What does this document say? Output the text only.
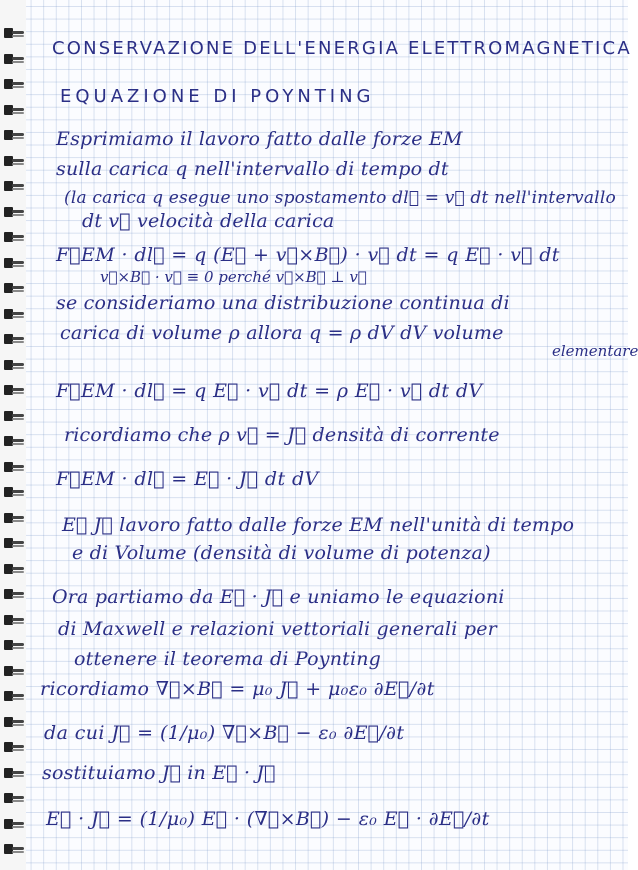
CONSERVAZIONE DELL'ENERGIA ELETTROMAGNETICA
EQUAZIONE DI POYNTING
Esprimiamo il lavoro fatto dalle forze EM
sulla carica q nell'intervallo di tempo dt
(la carica q esegue uno spostamento dl⃗ = v⃗ dt nell'intervallo
dt v⃗ velocità della carica
F⃗EM · dl⃗ = q (E⃗ + v⃗×B⃗) · v⃗ dt = q E⃗ · v⃗ dt
v⃗×B⃗ · v⃗ ≡ 0 perché v⃗×B⃗ ⊥ v⃗
se consideriamo una distribuzione continua di
carica di volume ρ allora q = ρ dV dV volume
elementare
F⃗EM · dl⃗ = q E⃗ · v⃗ dt = ρ E⃗ · v⃗ dt dV
ricordiamo che ρ v⃗ = J⃗ densità di corrente
F⃗EM · dl⃗ = E⃗ · J⃗ dt dV
E⃗ J⃗ lavoro fatto dalle forze EM nell'unità di tempo
e di Volume (densità di volume di potenza)
Ora partiamo da E⃗ · J⃗ e uniamo le equazioni
di Maxwell e relazioni vettoriali generali per
ottenere il teorema di Poynting
ricordiamo ∇⃗×B⃗ = μ₀ J⃗ + μ₀ε₀ ∂E⃗/∂t
da cui J⃗ = (1/μ₀) ∇⃗×B⃗ − ε₀ ∂E⃗/∂t
sostituiamo J⃗ in E⃗ · J⃗
E⃗ · J⃗ = (1/μ₀) E⃗ · (∇⃗×B⃗) − ε₀ E⃗ · ∂E⃗/∂t
